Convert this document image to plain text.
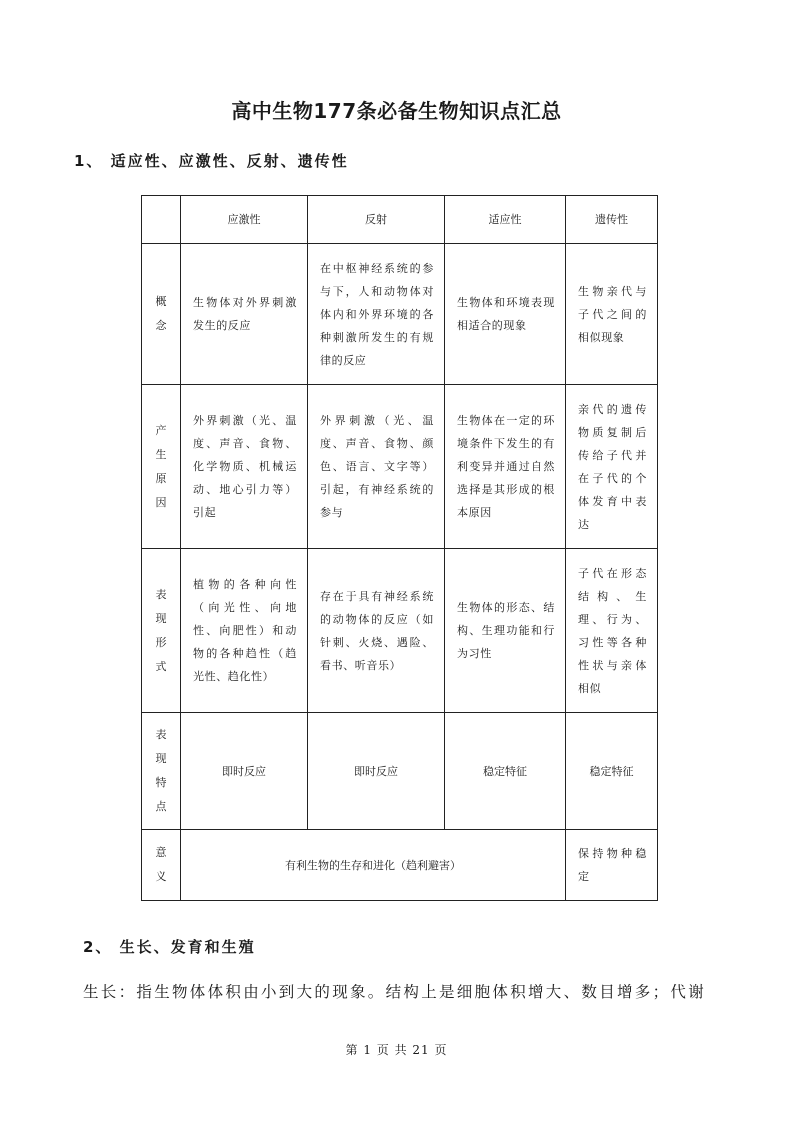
高中生物177条必备生物知识点汇总
1、 适应性、应激性、反射、遗传性
	应激性	反射	适应性	遗传性

概念	生物体对外界刺激发生的反应	在中枢神经系统的参与下，人和动物体对体内和外界环境的各种刺激所发生的有规律的反应	生物体和环境表现相适合的现象	生物亲代与子代之间的相似现象

产生原因	外界刺激（光、温度、声音、食物、化学物质、机械运动、地心引力等）引起	外界刺激（光、温度、声音、食物、颜色、语言、文字等）引起，有神经系统的参与	生物体在一定的环境条件下发生的有利变异并通过自然选择是其形成的根本原因	亲代的遗传物质复制后传给子代并在子代的个体发育中表达

表现形式	植物的各种向性（向光性、向地性、向肥性）和动物的各种趋性（趋光性、趋化性）	存在于具有神经系统的动物体的反应（如针刺、火烧、遇险、看书、听音乐）	生物体的形态、结构、生理功能和行为习性	子代在形态结构、生理、行为、习性等各种性状与亲体相似

表现特点	即时反应	即时反应	稳定特征	稳定特征

意义	有利生物的生存和进化（趋利避害）			保持物种稳定
2、 生长、发育和生殖
生长：指生物体体积由小到大的现象。结构上是细胞体积增大、数目增多；代谢
第 1 页 共 21 页
